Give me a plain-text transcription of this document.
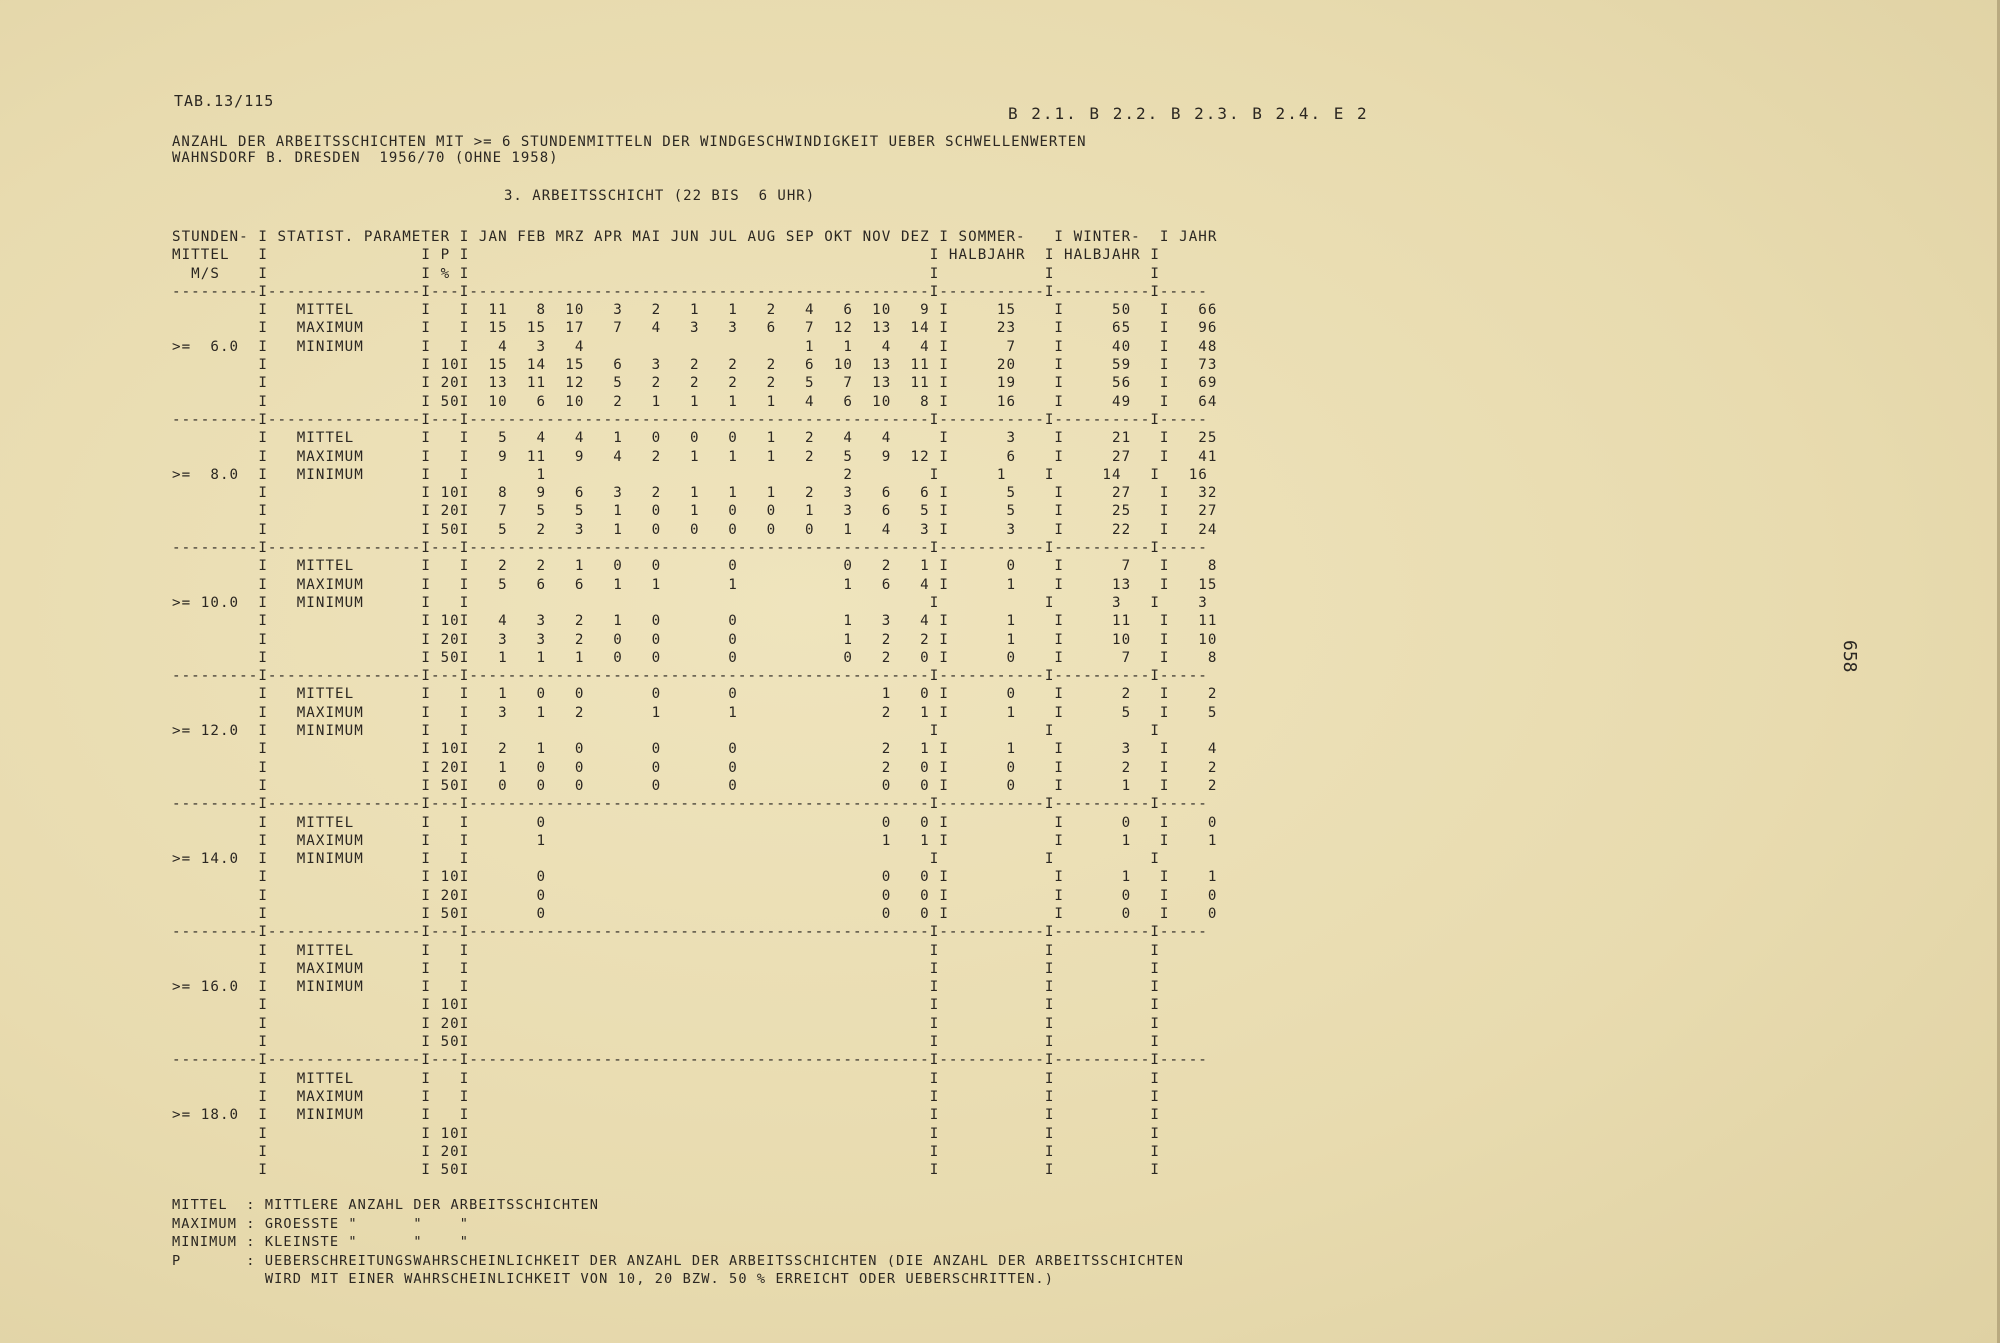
TAB.13/115
B 2.1. B 2.2. B 2.3. B 2.4. E 2
ANZAHL DER ARBEITSSCHICHTEN MIT >= 6 STUNDENMITTELN DER WINDGESCHWINDIGKEIT UEBER SCHWELLENWERTEN
WAHNSDORF B. DRESDEN  1956/70 (OHNE 1958)
3. ARBEITSSCHICHT (22 BIS  6 UHR)
STUNDEN- I STATIST. PARAMETER I JAN FEB MRZ APR MAI JUN JUL AUG SEP OKT NOV DEZ I SOMMER-   I WINTER-  I JAHR
MITTEL   I                I P I                                                I HALBJAHR  I HALBJAHR I
M/S    I                I % I                                                I           I          I
---------I----------------I---I------------------------------------------------I-----------I----------I-----
I   MITTEL       I   I  11   8  10   3   2   1   1   2   4   6  10   9 I     15    I     50   I   66
I   MAXIMUM      I   I  15  15  17   7   4   3   3   6   7  12  13  14 I     23    I     65   I   96
>=  6.0  I   MINIMUM      I   I   4   3   4                       1   1   4   4 I      7    I     40   I   48
I                I 10I  15  14  15   6   3   2   2   2   6  10  13  11 I     20    I     59   I   73
I                I 20I  13  11  12   5   2   2   2   2   5   7  13  11 I     19    I     56   I   69
I                I 50I  10   6  10   2   1   1   1   1   4   6  10   8 I     16    I     49   I   64
---------I----------------I---I------------------------------------------------I-----------I----------I-----
I   MITTEL       I   I   5   4   4   1   0   0   0   1   2   4   4     I      3    I     21   I   25
I   MAXIMUM      I   I   9  11   9   4   2   1   1   1   2   5   9  12 I      6    I     27   I   41
>=  8.0  I   MINIMUM      I   I       1                               2        I      1    I     14   I   16
I                I 10I   8   9   6   3   2   1   1   1   2   3   6   6 I      5    I     27   I   32
I                I 20I   7   5   5   1   0   1   0   0   1   3   6   5 I      5    I     25   I   27
I                I 50I   5   2   3   1   0   0   0   0   0   1   4   3 I      3    I     22   I   24
---------I----------------I---I------------------------------------------------I-----------I----------I-----
I   MITTEL       I   I   2   2   1   0   0       0           0   2   1 I      0    I      7   I    8
I   MAXIMUM      I   I   5   6   6   1   1       1           1   6   4 I      1    I     13   I   15
>= 10.0  I   MINIMUM      I   I                                                I           I      3   I    3
I                I 10I   4   3   2   1   0       0           1   3   4 I      1    I     11   I   11
I                I 20I   3   3   2   0   0       0           1   2   2 I      1    I     10   I   10
I                I 50I   1   1   1   0   0       0           0   2   0 I      0    I      7   I    8
---------I----------------I---I------------------------------------------------I-----------I----------I-----
I   MITTEL       I   I   1   0   0       0       0               1   0 I      0    I      2   I    2
I   MAXIMUM      I   I   3   1   2       1       1               2   1 I      1    I      5   I    5
>= 12.0  I   MINIMUM      I   I                                                I           I          I
I                I 10I   2   1   0       0       0               2   1 I      1    I      3   I    4
I                I 20I   1   0   0       0       0               2   0 I      0    I      2   I    2
I                I 50I   0   0   0       0       0               0   0 I      0    I      1   I    2
---------I----------------I---I------------------------------------------------I-----------I----------I-----
I   MITTEL       I   I       0                                   0   0 I           I      0   I    0
I   MAXIMUM      I   I       1                                   1   1 I           I      1   I    1
>= 14.0  I   MINIMUM      I   I                                                I           I          I
I                I 10I       0                                   0   0 I           I      1   I    1
I                I 20I       0                                   0   0 I           I      0   I    0
I                I 50I       0                                   0   0 I           I      0   I    0
---------I----------------I---I------------------------------------------------I-----------I----------I-----
I   MITTEL       I   I                                                I           I          I
I   MAXIMUM      I   I                                                I           I          I
>= 16.0  I   MINIMUM      I   I                                                I           I          I
I                I 10I                                                I           I          I
I                I 20I                                                I           I          I
I                I 50I                                                I           I          I
---------I----------------I---I------------------------------------------------I-----------I----------I-----
I   MITTEL       I   I                                                I           I          I
I   MAXIMUM      I   I                                                I           I          I
>= 18.0  I   MINIMUM      I   I                                                I           I          I
I                I 10I                                                I           I          I
I                I 20I                                                I           I          I
I                I 50I                                                I           I          I
MITTEL  : MITTLERE ANZAHL DER ARBEITSSCHICHTEN
MAXIMUM : GROESSTE "      "    "
MINIMUM : KLEINSTE "      "    "
P       : UEBERSCHREITUNGSWAHRSCHEINLICHKEIT DER ANZAHL DER ARBEITSSCHICHTEN (DIE ANZAHL DER ARBEITSSCHICHTEN
WIRD MIT EINER WAHRSCHEINLICHKEIT VON 10, 20 BZW. 50 % ERREICHT ODER UEBERSCHRITTEN.)
658
